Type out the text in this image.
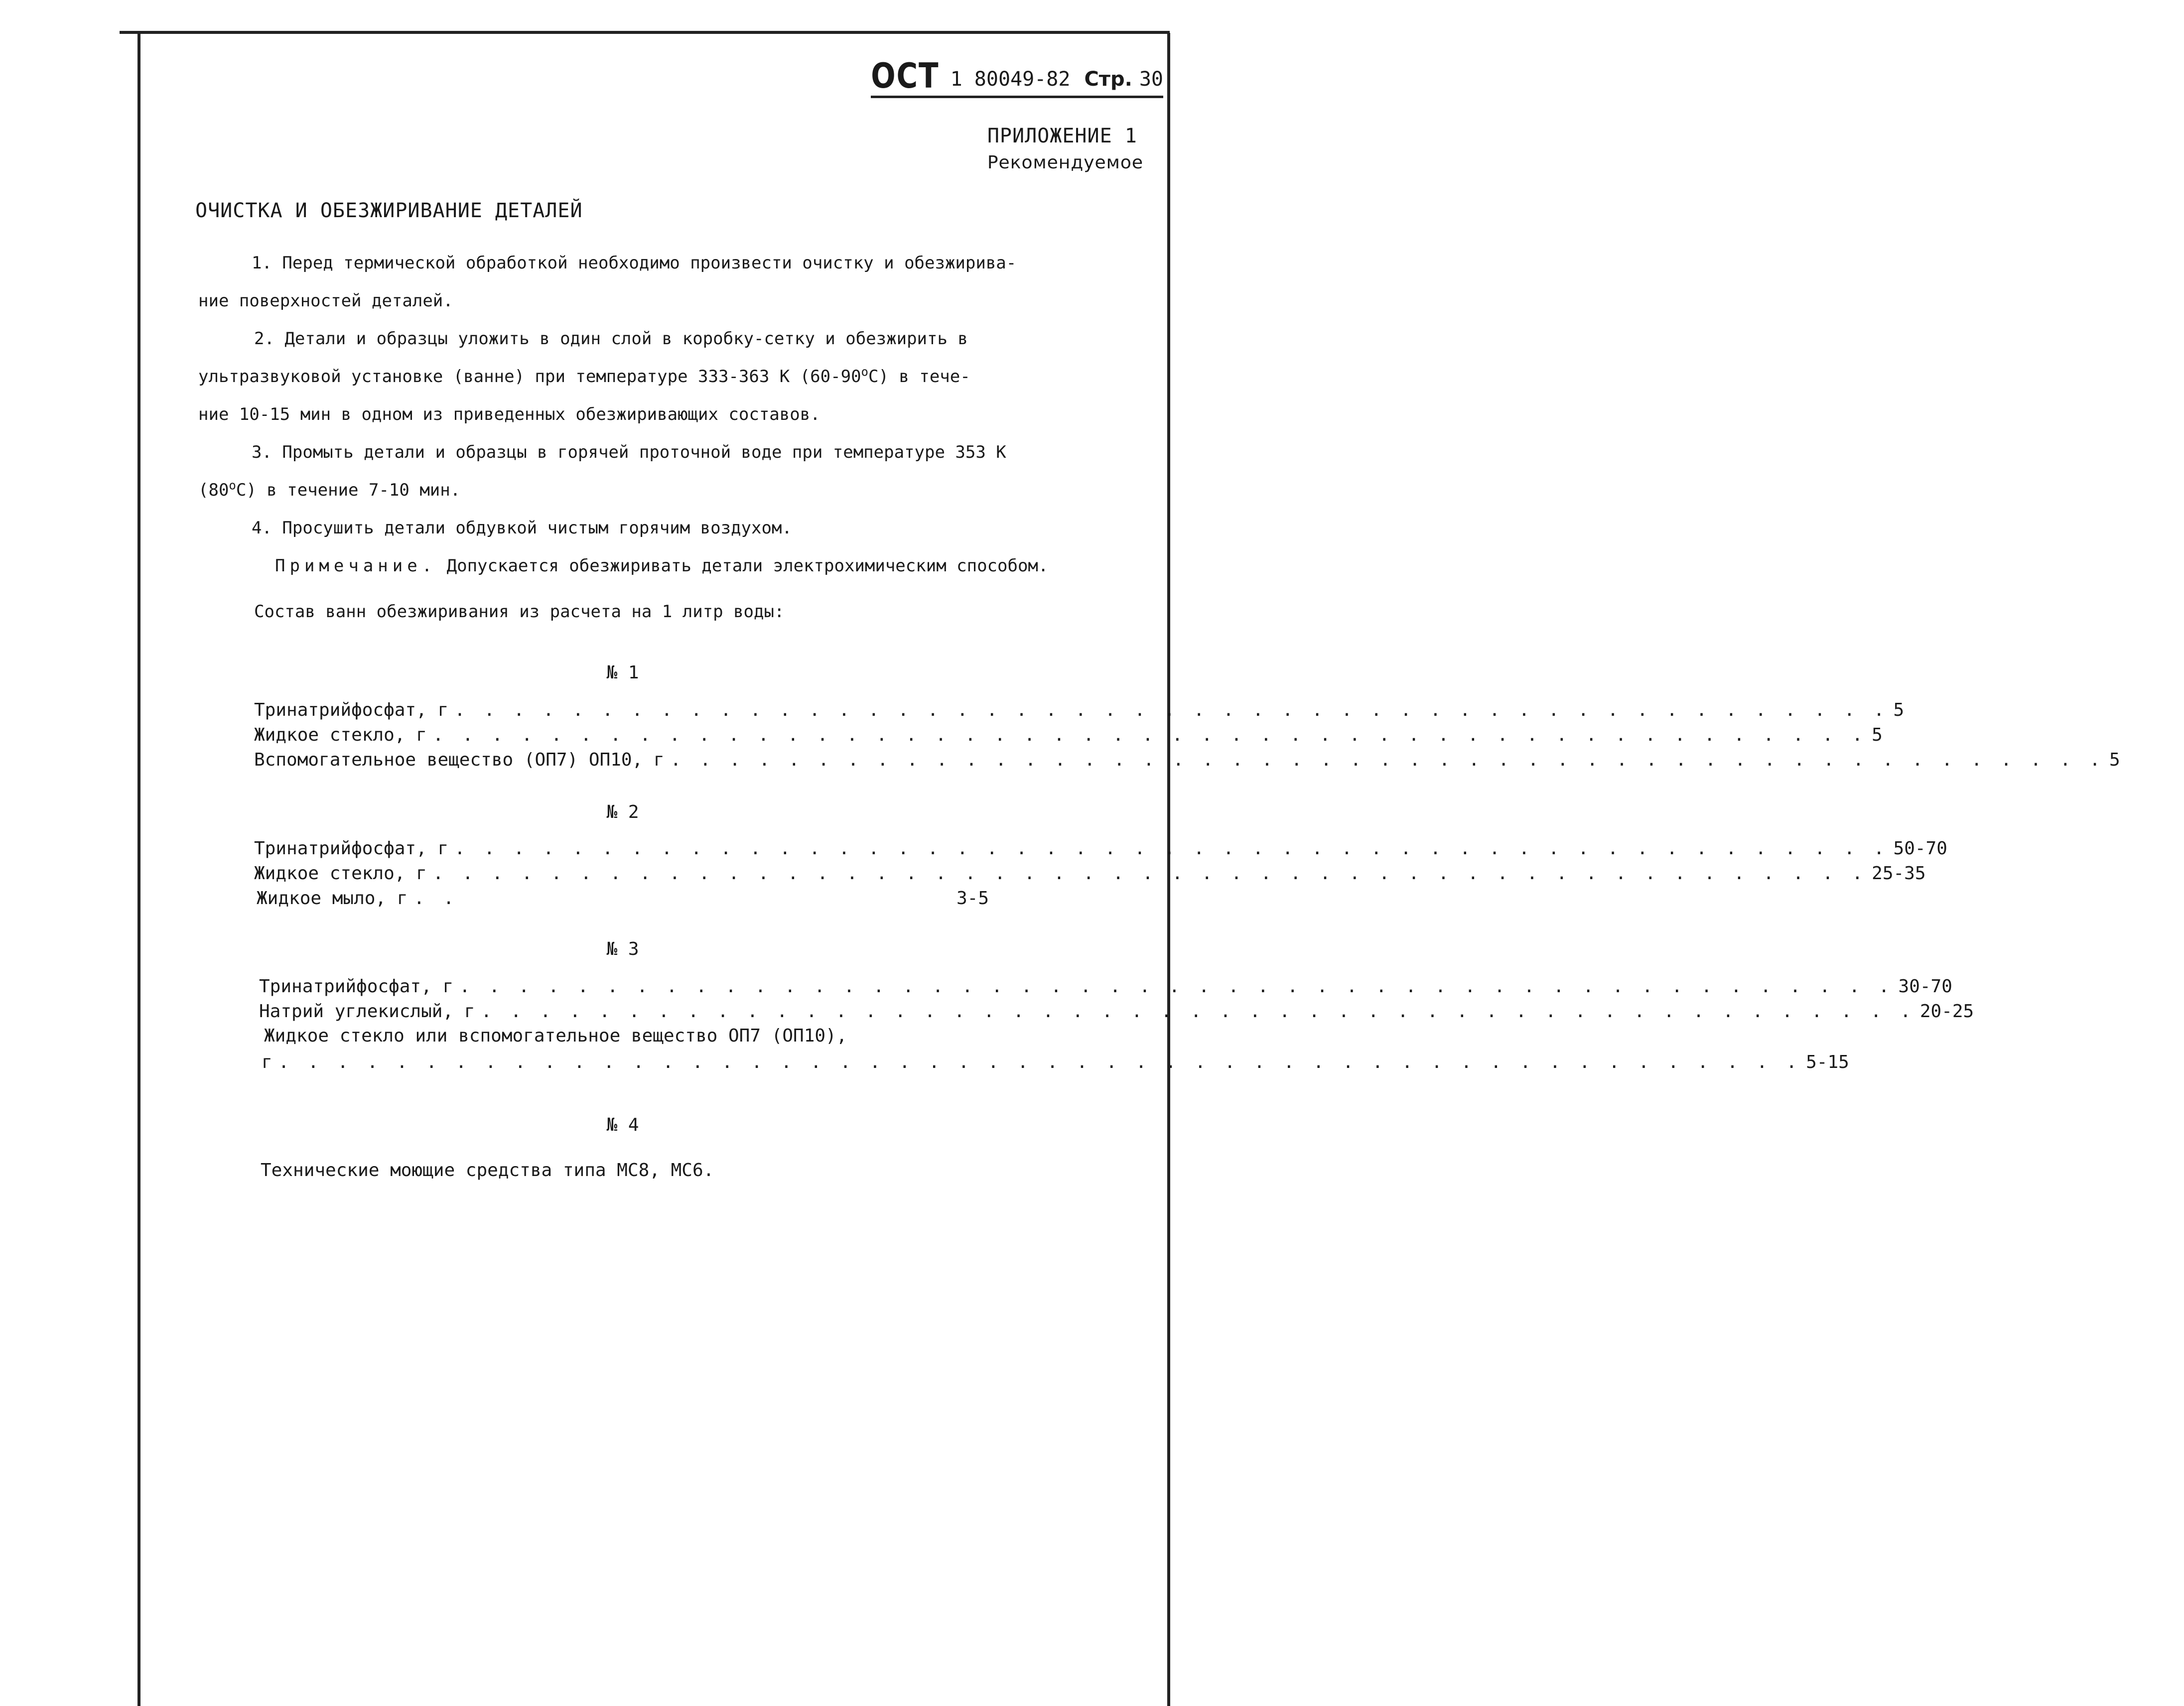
ОСТ 1 80049-82 Стр. 30
ПРИЛОЖЕНИЕ 1
Рекомендуемое
ОЧИСТКА И ОБЕЗЖИРИВАНИЕ ДЕТАЛЕЙ
1. Перед термической обработкой необходимо произвести очистку и обезжирива-
ние поверхностей деталей.
2. Детали и образцы уложить в один слой в коробку-сетку и обезжирить в
ультразвуковой установке (ванне) при температуре 333-363 К (60-90$^o$С) в тече-
ние 10-15 мин в одном из приведенных обезжиривающих составов.
3. Промыть детали и образцы в горячей проточной воде при температуре 353 К
(80$^o$С) в течение 7-10 мин.
4. Просушить детали обдувкой чистым горячим воздухом.
Примечание. Допускается обезжиривать детали электрохимическим способом.
Состав ванн обезжиривания из расчета на 1 литр воды:
№ 1
Тринатрийфосфат, г . . . . . . . . . . . . . . . . . . . . . . . . . . . . . . . . . . . . . . . . . . . . . . . . . 5
Жидкое стекло, г . . . . . . . . . . . . . . . . . . . . . . . . . . . . . . . . . . . . . . . . . . . . . . . . . 5
Вспомогательное вещество (ОП7) ОП10, г . . . . . . . . . . . . . . . . . . . . . . . . . . . . . . . . . . . . . . . . . . . . . . . . . 5
№ 2
Тринатрийфосфат, г . . . . . . . . . . . . . . . . . . . . . . . . . . . . . . . . . . . . . . . . . . . . . . . . . 50-70
Жидкое стекло, г . . . . . . . . . . . . . . . . . . . . . . . . . . . . . . . . . . . . . . . . . . . . . . . . . 25-35
Жидкое мыло, г . .	3-5
№ 3
Тринатрийфосфат, г . . . . . . . . . . . . . . . . . . . . . . . . . . . . . . . . . . . . . . . . . . . . . . . . . 30-70
Натрий углекислый, г . . . . . . . . . . . . . . . . . . . . . . . . . . . . . . . . . . . . . . . . . . . . . . . . . 20-25
Жидкое стекло или вспомогательное вещество ОП7 (ОП10),
г . . . . . . . . . . . . . . . . . . . . . . . . . . . . . . . . . . . . . . . . . . . . . . . . . . . . 5-15
№ 4
Технические моющие средства типа МС8, МС6.
